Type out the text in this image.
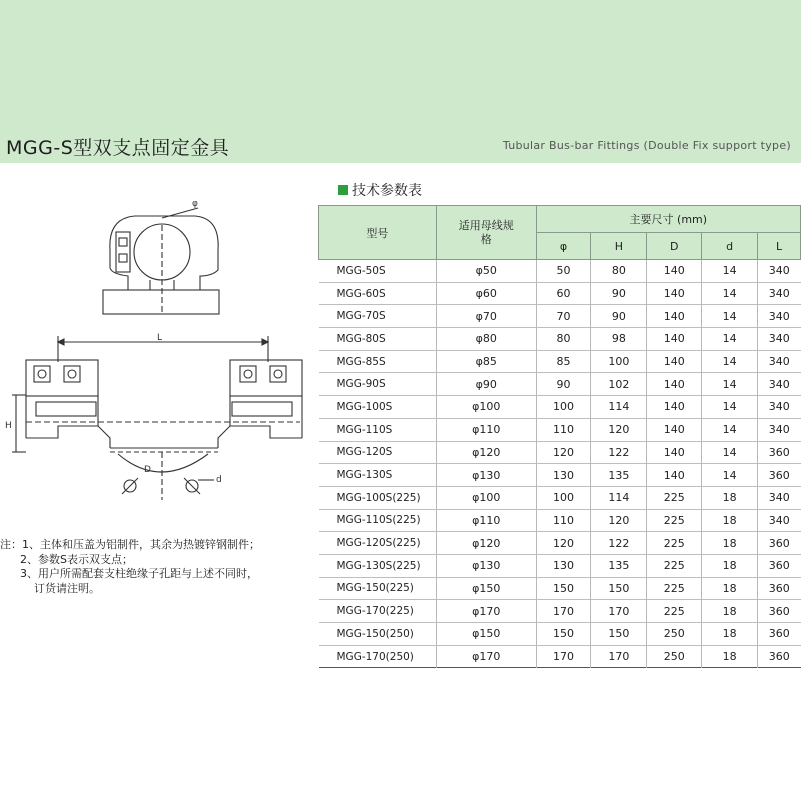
MGG-S型双支点固定金具	Tubular Bus-bar Fittings (Double Fix support type)
φ
L
H
D
d
技术参数表
型号	适用母线规格	主要尺寸 (mm)				
		φ	H	D	d	L
MGG-50S	φ50	50	80	140	14	340
MGG-60S	φ60	60	90	140	14	340
MGG-70S	φ70	70	90	140	14	340
MGG-80S	φ80	80	98	140	14	340
MGG-85S	φ85	85	100	140	14	340
MGG-90S	φ90	90	102	140	14	340
MGG-100S	φ100	100	114	140	14	340
MGG-110S	φ110	110	120	140	14	340
MGG-120S	φ120	120	122	140	14	360
MGG-130S	φ130	130	135	140	14	360
MGG-100S(225)	φ100	100	114	225	18	340
MGG-110S(225)	φ110	110	120	225	18	340
MGG-120S(225)	φ120	120	122	225	18	360
MGG-130S(225)	φ130	130	135	225	18	360
MGG-150(225)	φ150	150	150	225	18	360
MGG-170(225)	φ170	170	170	225	18	360
MGG-150(250)	φ150	150	150	250	18	360
MGG-170(250)	φ170	170	170	250	18	360
注：1、主体和压盖为铝制件，其余为热镀锌钢制件；
2、参数S表示双支点；
3、用户所需配套支柱绝缘子孔距与上述不同时，
订货请注明。
